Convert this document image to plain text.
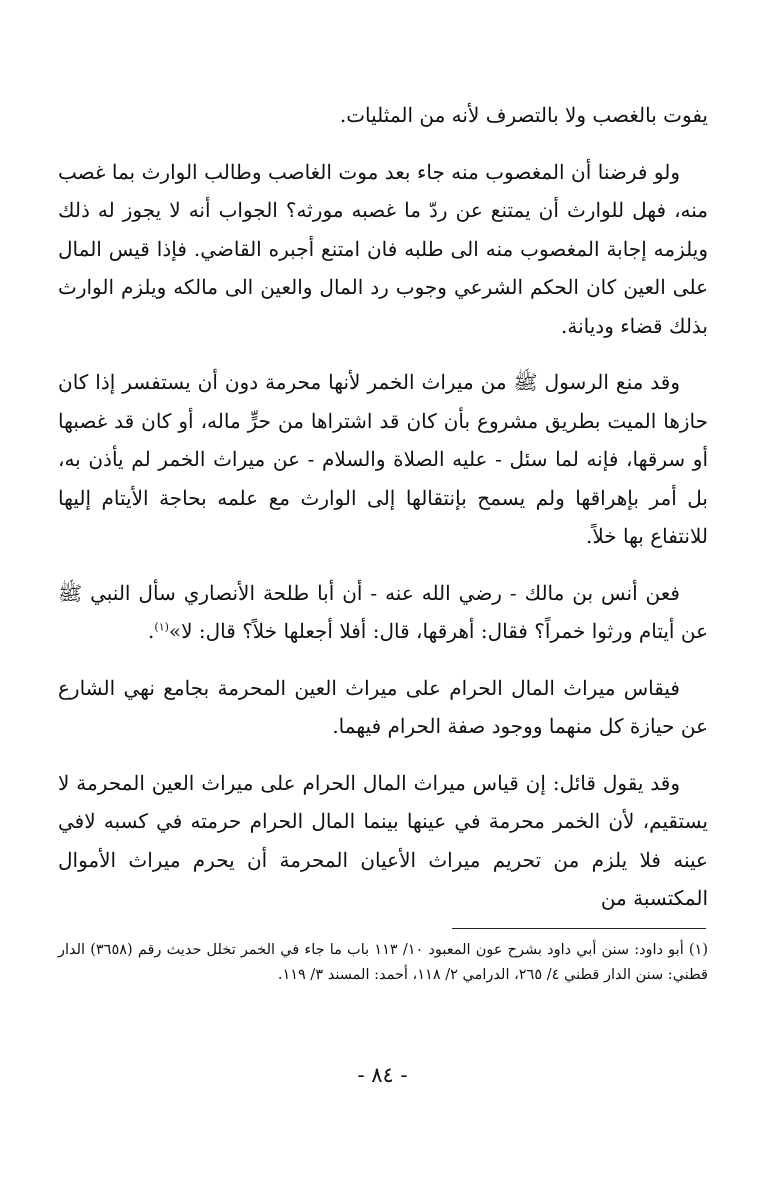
يفوت بالغصب ولا بالتصرف لأنه من المثليات.

ولو فرضنا أن المغصوب منه جاء بعد موت الغاصب وطالب الوارث بما غصب منه، فهل للوارث أن يمتنع عن ردّ ما غصبه مورثه؟ الجواب أنه لا يجوز له ذلك ويلزمه إجابة المغصوب منه الى طلبه فان امتنع أجبره القاضي. فإذا قيس المال على العين كان الحكم الشرعي وجوب رد المال والعين الى مالكه ويلزم الوارث بذلك قضاء وديانة.

وقد منع الرسول ﷺ من ميراث الخمر لأنها محرمة دون أن يستفسر إذا كان حازها الميت بطريق مشروع بأن كان قد اشتراها من حرٍّ ماله، أو كان قد غصبها أو سرقها، فإنه لما سئل - عليه الصلاة والسلام - عن ميراث الخمر لم يأذن به، بل أمر بإهراقها ولم يسمح بإنتقالها إلى الوارث مع علمه بحاجة الأيتام إليها للانتفاع بها خلاً.

فعن أنس بن مالك - رضي الله عنه - أن أبا طلحة الأنصاري سأل النبي ﷺ عن أيتام ورثوا خمراً؟ فقال: أهرقها، قال: أفلا أجعلها خلاً؟ قال: لا»$^{(١)}$.

فيقاس ميراث المال الحرام على ميراث العين المحرمة بجامع نهي الشارع عن حيازة كل منهما ووجود صفة الحرام فيهما.

وقد يقول قائل: إن قياس ميراث المال الحرام على ميراث العين المحرمة لا يستقيم، لأن الخمر محرمة في عينها بينما المال الحرام حرمته في كسبه لافي عينه فلا يلزم من تحريم ميراث الأعيان المحرمة أن يحرم ميراث الأموال المكتسبة من

(١) أبو داود: سنن أبي داود بشرح عون المعبود ١٠/ ١١٣ باب ما جاء في الخمر تخلل حديث رقم (٣٦٥٨) الدار قطني: سنن الدار قطني ٤/ ٢٦٥، الدرامي ٢/ ١١٨، أحمد: المسند ٣/ ١١٩.

- ٨٤ -
